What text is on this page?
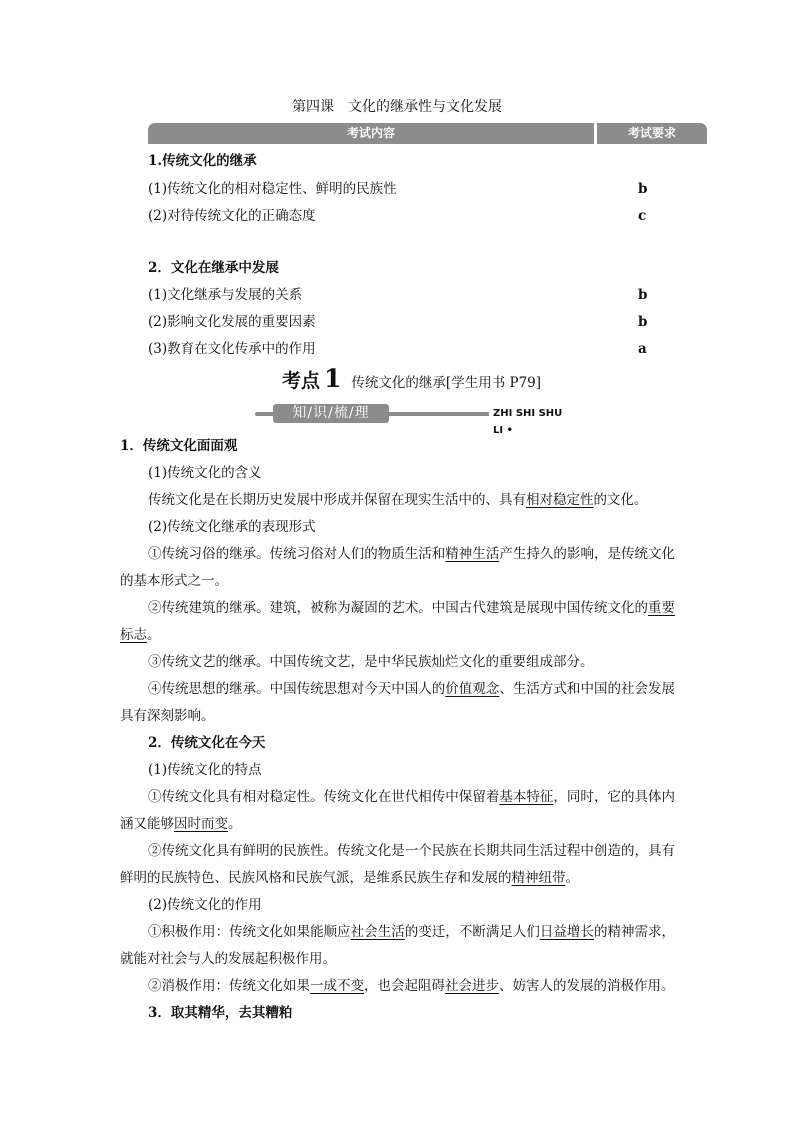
第四课　文化的继承性与文化发展
考试内容	考试要求
1.传统文化的继承
(1)传统文化的相对稳定性、鲜明的民族性	b
(2)对待传统文化的正确态度	c
2．文化在继承中发展
(1)文化继承与发展的关系	b
(2)影响文化发展的重要因素	b
(3)教育在文化传承中的作用	a
考点 1 传统文化的继承[学生用书 P79]
知/识/梳/理	ZHI SHI SHU LI •
1．传统文化面面观
(1)传统文化的含义
传统文化是在长期历史发展中形成并保留在现实生活中的、具有相对稳定性的文化。
(2)传统文化继承的表现形式
①传统习俗的继承。传统习俗对人们的物质生活和精神生活产生持久的影响，是传统文化的基本形式之一。
②传统建筑的继承。建筑，被称为凝固的艺术。中国古代建筑是展现中国传统文化的重要标志。
③传统文艺的继承。中国传统文艺，是中华民族灿烂文化的重要组成部分。
④传统思想的继承。中国传统思想对今天中国人的价值观念、生活方式和中国的社会发展具有深刻影响。
2．传统文化在今天
(1)传统文化的特点
①传统文化具有相对稳定性。传统文化在世代相传中保留着基本特征，同时，它的具体内涵又能够因时而变。
②传统文化具有鲜明的民族性。传统文化是一个民族在长期共同生活过程中创造的，具有鲜明的民族特色、民族风格和民族气派，是维系民族生存和发展的精神纽带。
(2)传统文化的作用
①积极作用：传统文化如果能顺应社会生活的变迁，不断满足人们日益增长的精神需求，就能对社会与人的发展起积极作用。
②消极作用：传统文化如果一成不变，也会起阻碍社会进步、妨害人的发展的消极作用。
3．取其精华，去其糟粕
